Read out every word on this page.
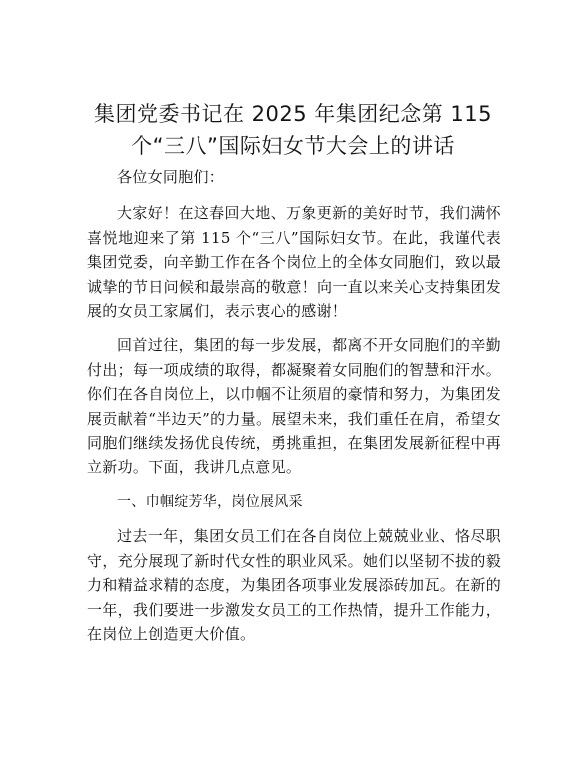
集团党委书记在 2025 年集团纪念第 115 个“三八”国际妇女节大会上的讲话

各位女同胞们：

大家好！在这春回大地、万象更新的美好时节，我们满怀喜悦地迎来了第 115 个“三八”国际妇女节。在此，我谨代表集团党委，向辛勤工作在各个岗位上的全体女同胞们，致以最诚挚的节日问候和最崇高的敬意！向一直以来关心支持集团发展的女员工家属们，表示衷心的感谢！

回首过往，集团的每一步发展，都离不开女同胞们的辛勤付出；每一项成绩的取得，都凝聚着女同胞们的智慧和汗水。你们在各自岗位上，以巾帼不让须眉的豪情和努力，为集团发展贡献着“半边天”的力量。展望未来，我们重任在肩，希望女同胞们继续发扬优良传统，勇挑重担，在集团发展新征程中再立新功。下面，我讲几点意见。

一、巾帼绽芳华，岗位展风采

过去一年，集团女员工们在各自岗位上兢兢业业、恪尽职守，充分展现了新时代女性的职业风采。她们以坚韧不拔的毅力和精益求精的态度，为集团各项事业发展添砖加瓦。在新的一年，我们要进一步激发女员工的工作热情，提升工作能力，在岗位上创造更大价值。
